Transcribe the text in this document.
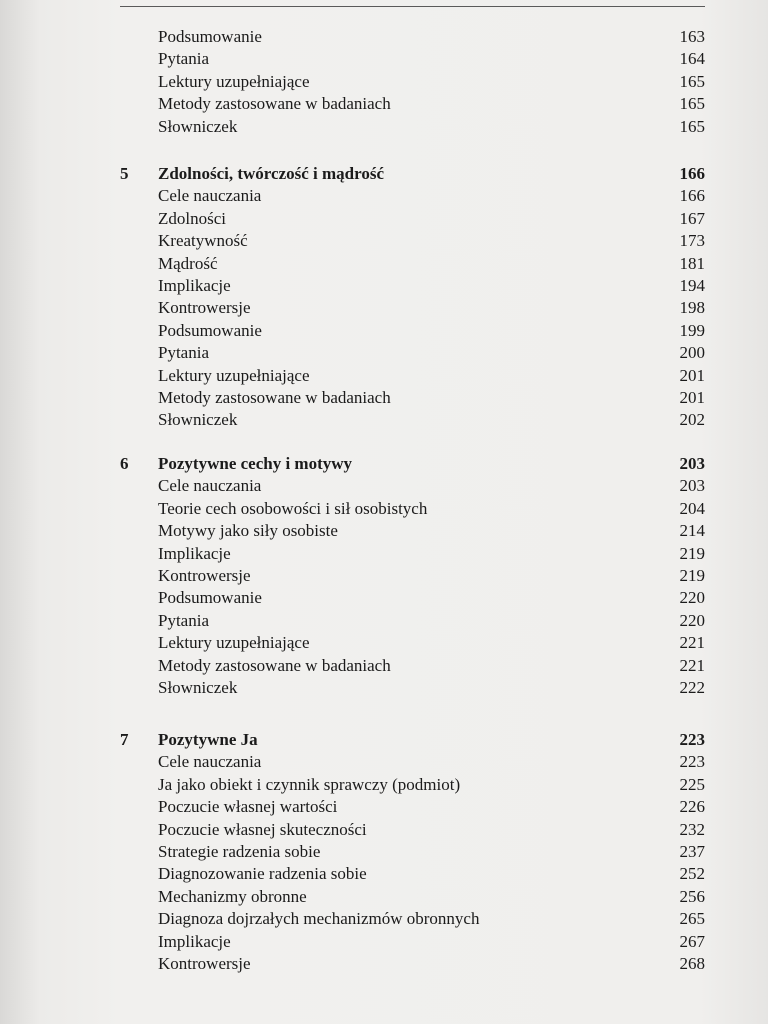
Podsumowanie	163
Pytania	164
Lektury uzupełniające	165
Metody zastosowane w badaniach	165
Słowniczek	165
5 Zdolności, twórczość i mądrość	166
Cele nauczania	166
Zdolności	167
Kreatywność	173
Mądrość	181
Implikacje	194
Kontrowersje	198
Podsumowanie	199
Pytania	200
Lektury uzupełniające	201
Metody zastosowane w badaniach	201
Słowniczek	202
6 Pozytywne cechy i motywy	203
Cele nauczania	203
Teorie cech osobowości i sił osobistych	204
Motywy jako siły osobiste	214
Implikacje	219
Kontrowersje	219
Podsumowanie	220
Pytania	220
Lektury uzupełniające	221
Metody zastosowane w badaniach	221
Słowniczek	222
7 Pozytywne Ja	223
Cele nauczania	223
Ja jako obiekt i czynnik sprawczy (podmiot)	225
Poczucie własnej wartości	226
Poczucie własnej skuteczności	232
Strategie radzenia sobie	237
Diagnozowanie radzenia sobie	252
Mechanizmy obronne	256
Diagnoza dojrzałych mechanizmów obronnych	265
Implikacje	267
Kontrowersje	268
